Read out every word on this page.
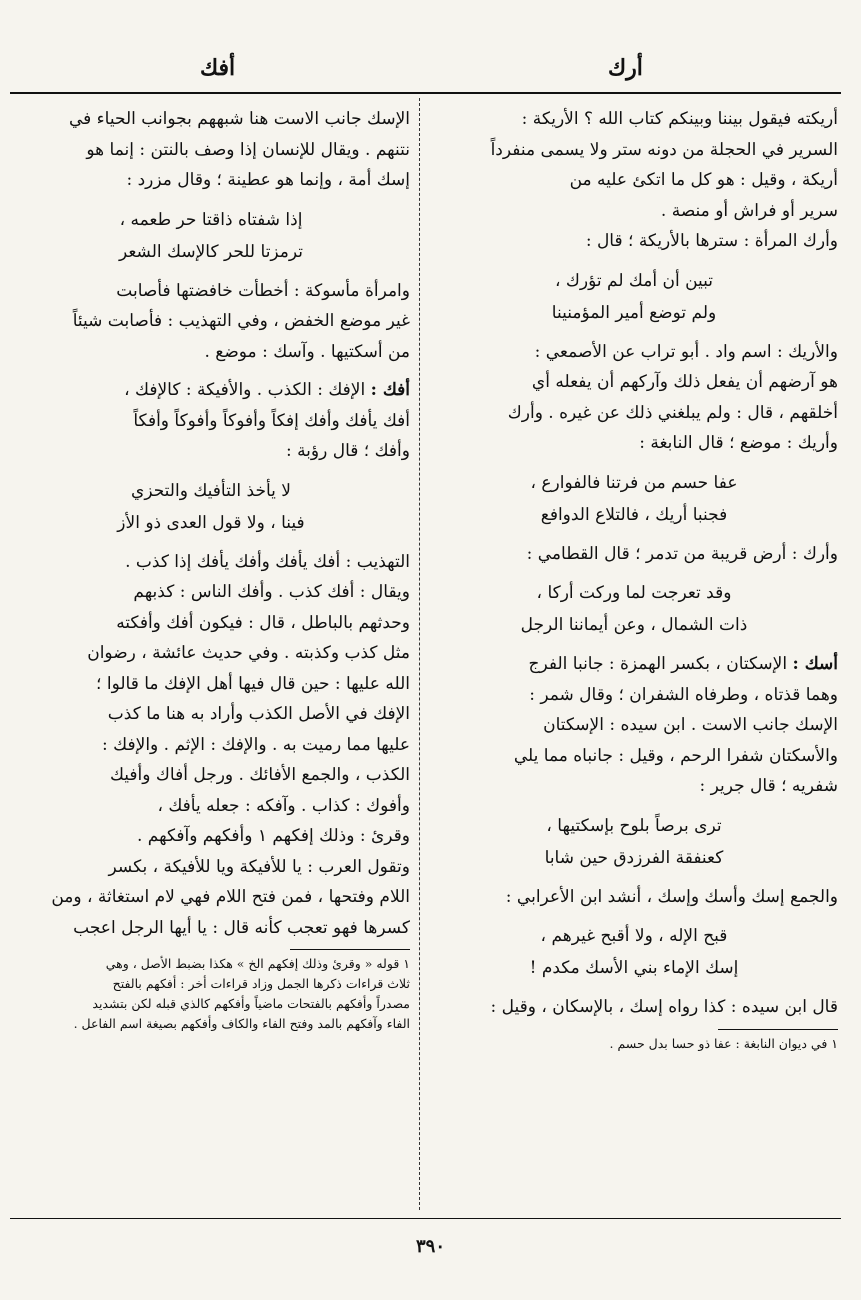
أرك
أفك
أريكته فيقول بيننا وبينكم كتاب الله ؟ الأريكة :
السرير في الحجلة من دونه ستر ولا يسمى منفرداً
أريكة ، وقيل : هو كل ما اتكئ عليه من
سرير أو فراش أو منصة .
وأرك المرأة : سترها بالأريكة ؛ قال :
تبين أن أمك لم تؤرك ،
ولم توضع أمير المؤمنينا
والأريك : اسم واد . أبو تراب عن الأصمعي :
هو آرضهم أن يفعل ذلك وآركهم أن يفعله أي
أخلقهم ، قال : ولم يبلغني ذلك عن غيره . وأرك
وأريك : موضع ؛ قال النابغة :
عفا حسم من فرتنا فالفوارع ،
فجنبا أريك ، فالتلاع الدوافع
وأرك : أرض قريبة من تدمر ؛ قال القطامي :
وقد تعرجت لما وركت أركا ،
ذات الشمال ، وعن أيماننا الرجل
أسك : الإسكتان ، بكسر الهمزة : جانبا الفرج
وهما قذتاه ، وطرفاه الشفران ؛ وقال شمر :
الإسك جانب الاست . ابن سيده : الإسكتان
والأسكتان شفرا الرحم ، وقيل : جانباه مما يلي
شفريه ؛ قال جرير :
ترى برصاً بلوح بإسكتيها ،
كعنفقة الفرزدق حين شابا
والجمع إسك وأسك وإسك ، أنشد ابن الأعرابي :
قبح الإله ، ولا أقبح غيرهم ،
إسك الإماء بني الأسك مكدم !
قال ابن سيده : كذا رواه إسك ، بالإسكان ، وقيل :
١ في ديوان النابغة : عفا ذو حسا بدل حسم .
الإسك جانب الاست هنا شبههم بجوانب الحياء في
نتنهم . ويقال للإنسان إذا وصف بالنتن : إنما هو
إسك أمة ، وإنما هو عطينة ؛ وقال مزرد :
إذا شفتاه ذاقتا حر طعمه ،
ترمزتا للحر كالإسك الشعر
وامرأة مأسوكة : أخطأت خافضتها فأصابت
غير موضع الخفض ، وفي التهذيب : فأصابت شيئاً
من أسكتيها . وآسك : موضع .
أفك : الإفك : الكذب . والأفيكة : كالإفك ،
أفك يأفك وأفك إفكاً وأفوكاً وأفوكاً وأفكاً
وأفك ؛ قال رؤبة :
لا يأخذ التأفيك والتحزي
فينا ، ولا قول العدى ذو الأز
التهذيب : أفك يأفك وأفك يأفك إذا كذب .
ويقال : أفك كذب . وأفك الناس : كذبهم
وحدثهم بالباطل ، قال : فيكون أفك وأفكته
مثل كذب وكذبته . وفي حديث عائشة ، رضوان
الله عليها : حين قال فيها أهل الإفك ما قالوا ؛
الإفك في الأصل الكذب وأراد به هنا ما كذب
عليها مما رميت به . والإفك : الإثم . والإفك :
الكذب ، والجمع الأفائك . ورجل أفاك وأفيك
وأفوك : كذاب . وآفكه : جعله يأفك ،
وقرئ : وذلك إفكهم ١ وأفكهم وآفكهم .
وتقول العرب : يا للأفيكة ويا للأفيكة ، بكسر
اللام وفتحها ، فمن فتح اللام فهي لام استغاثة ، ومن
كسرها فهو تعجب كأنه قال : يا أيها الرجل اعجب
١ قوله « وقرئ وذلك إفكهم الخ » هكذا بضبط الأصل ، وهي
ثلاث قراءات ذكرها الجمل وزاد قراءات أخر : أفكهم بالفتح
مصدراً وأفكهم بالفتحات ماضياً وأفكهم كالذي قبله لكن بتشديد
الفاء وآفكهم بالمد وفتح الفاء والكاف وأفكهم بصيغة اسم الفاعل .
٣٩٠
